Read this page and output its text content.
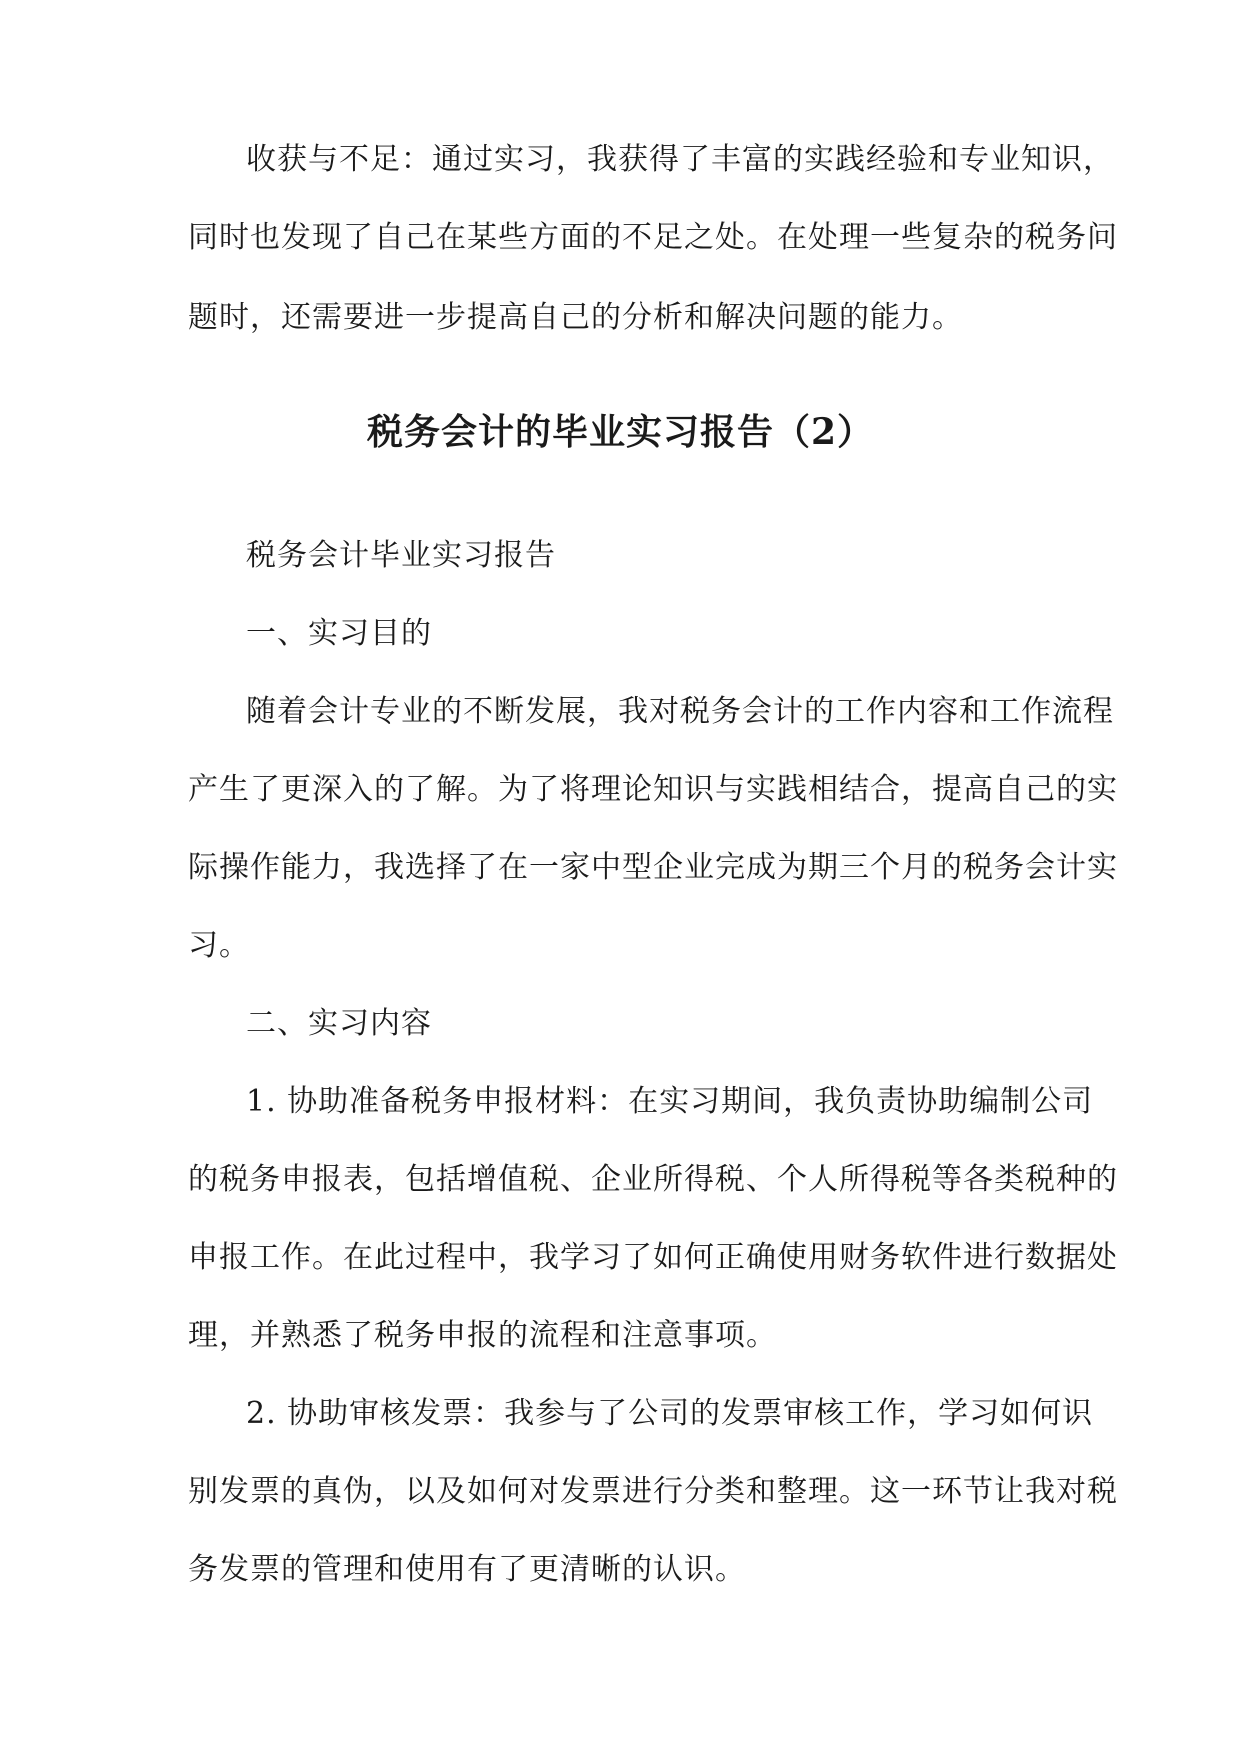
收获与不足：通过实习，我获得了丰富的实践经验和专业知识，
同时也发现了自己在某些方面的不足之处。在处理一些复杂的税务问
题时，还需要进一步提高自己的分析和解决问题的能力。
税务会计的毕业实习报告（2）
税务会计毕业实习报告
一、实习目的
随着会计专业的不断发展，我对税务会计的工作内容和工作流程
产生了更深入的了解。为了将理论知识与实践相结合，提高自己的实
际操作能力，我选择了在一家中型企业完成为期三个月的税务会计实
习。
二、实习内容
1. 协助准备税务申报材料：在实习期间，我负责协助编制公司
的税务申报表，包括增值税、企业所得税、个人所得税等各类税种的
申报工作。在此过程中，我学习了如何正确使用财务软件进行数据处
理，并熟悉了税务申报的流程和注意事项。
2. 协助审核发票：我参与了公司的发票审核工作，学习如何识
别发票的真伪，以及如何对发票进行分类和整理。这一环节让我对税
务发票的管理和使用有了更清晰的认识。
